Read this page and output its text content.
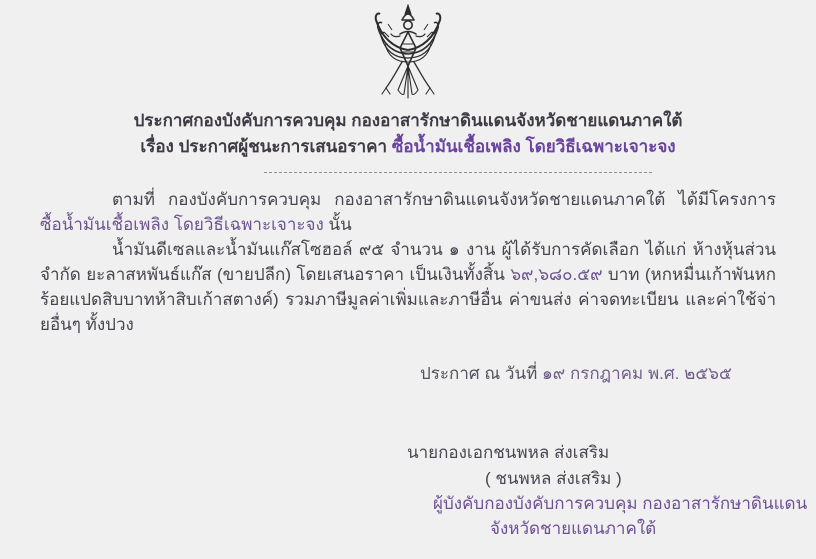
ประกาศกองบังคับการควบคุม กองอาสารักษาดินแดนจังหวัดชายแดนภาคใต้
เรื่อง ประกาศผู้ชนะการเสนอราคา ซื้อน้ำมันเชื้อเพลิง โดยวิธีเฉพาะเจาะจง

ตามที่ กองบังคับการควบคุม กองอาสารักษาดินแดนจังหวัดชายแดนภาคใต้ ได้มีโครงการ ซื้อน้ำมันเชื้อเพลิง โดยวิธีเฉพาะเจาะจง นั้น

น้ำมันดีเซลและน้ำมันแก๊สโซฮอล์ ๙๕ จำนวน ๑ งาน ผู้ได้รับการคัดเลือก ได้แก่ ห้างหุ้นส่วนจำกัด ยะลาสหพันธ์แก๊ส (ขายปลีก) โดยเสนอราคา เป็นเงินทั้งสิ้น ๖๙,๖๘๐.๕๙ บาท (หกหมื่นเก้าพันหกร้อยแปดสิบบาทห้าสิบเก้าสตางค์) รวมภาษีมูลค่าเพิ่มและภาษีอื่น ค่าขนส่ง ค่าจดทะเบียน และค่าใช้จ่ายอื่นๆ ทั้งปวง

ประกาศ ณ วันที่ ๑๙ กรกฎาคม พ.ศ. ๒๕๖๕
นายกองเอกชนพหล ส่งเสริม
( ชนพหล ส่งเสริม )
ผู้บังคับกองบังคับการควบคุม กองอาสารักษาดินแดน
จังหวัดชายแดนภาคใต้
